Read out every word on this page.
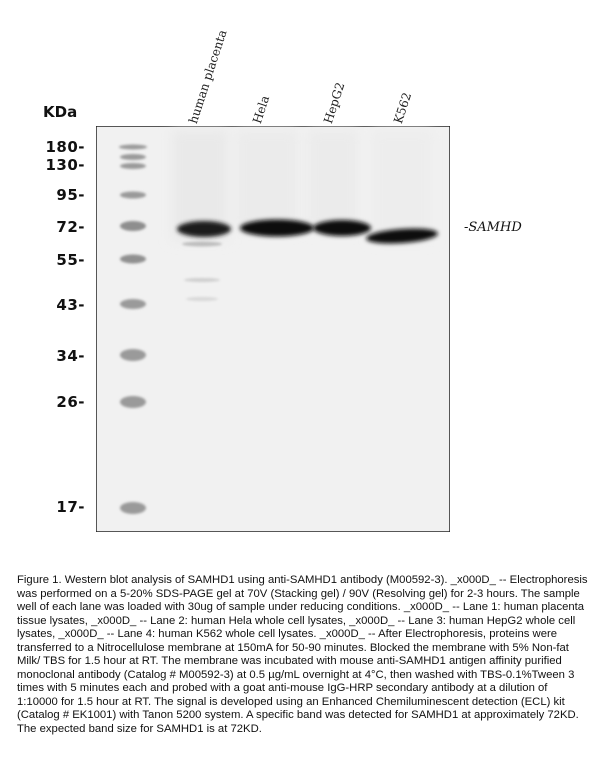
KDa
180-
130-
95-
72-
55-
43-
34-
26-
17-
human placenta Hela	HepG2	K562
-SAMHD

Figure 1. Western blot analysis of SAMHD1 using anti-SAMHD1 antibody (M00592-3). _x000D_ -- Electrophoresis was performed on a 5-20% SDS-PAGE gel at 70V (Stacking gel) / 90V (Resolving gel) for 2-3 hours. The sample well of each lane was loaded with 30ug of sample under reducing conditions. _x000D_ -- Lane 1: human placenta tissue lysates, _x000D_ -- Lane 2: human Hela whole cell lysates, _x000D_ -- Lane 3: human HepG2 whole cell lysates, _x000D_ -- Lane 4: human K562 whole cell lysates. _x000D_ -- After Electrophoresis, proteins were transferred to a Nitrocellulose membrane at 150mA for 50-90 minutes. Blocked the membrane with 5% Non-fat Milk/ TBS for 1.5 hour at RT. The membrane was incubated with mouse anti-SAMHD1 antigen affinity purified monoclonal antibody (Catalog # M00592-3) at 0.5 µg/mL overnight at 4°C, then washed with TBS-0.1%Tween 3 times with 5 minutes each and probed with a goat anti-mouse IgG-HRP secondary antibody at a dilution of 1:10000 for 1.5 hour at RT. The signal is developed using an Enhanced Chemiluminescent detection (ECL) kit (Catalog # EK1001) with Tanon 5200 system. A specific band was detected for SAMHD1 at approximately 72KD. The expected band size for SAMHD1 is at 72KD.
